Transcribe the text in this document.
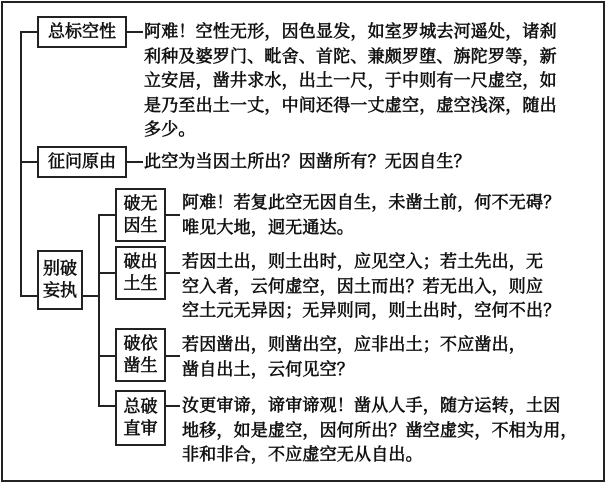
总标空性
征问原由
别破
妄执
破无
因生
破出
土生
破依
凿生
总破
直审
阿难！空性无形，因色显发，如室罗城去河遥处，诸刹
利种及婆罗门、毗舍、首陀、兼颇罗堕、旃陀罗等，新
立安居，凿井求水，出土一尺，于中则有一尺虚空，如
是乃至出土一丈，中间还得一丈虚空，虚空浅深，随出
多少。
此空为当因土所出？因凿所有？无因自生？
阿难！若复此空无因自生，未凿土前，何不无碍？
唯见大地，迥无通达。
若因土出，则土出时，应见空入；若土先出，无
空入者，云何虚空，因土而出？若无出入，则应
空土元无异因；无异则同，则土出时，空何不出？
若因凿出，则凿出空，应非出土；不应凿出，
凿自出土，云何见空？
汝更审谛，谛审谛观！凿从人手，随方运转，土因
地移，如是虚空，因何所出？凿空虚实，不相为用，
非和非合，不应虚空无从自出。
